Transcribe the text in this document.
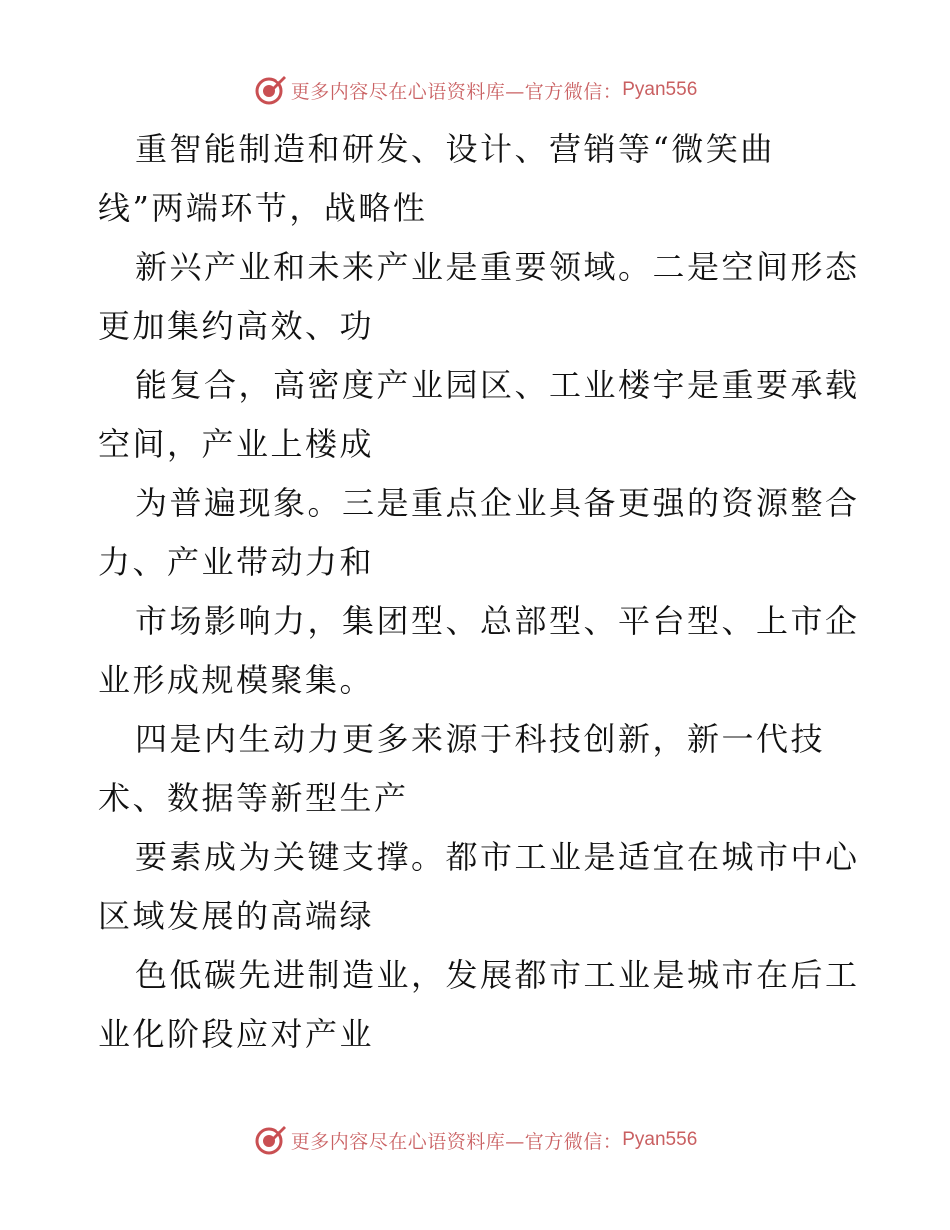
更多内容尽在心语资料库—官方微信： Pyan556
重智能制造和研发、设计、营销等“微笑曲
线”两端环节，战略性
新兴产业和未来产业是重要领域。二是空间形态
更加集约高效、功
能复合，高密度产业园区、工业楼宇是重要承载
空间，产业上楼成
为普遍现象。三是重点企业具备更强的资源整合
力、产业带动力和
市场影响力，集团型、总部型、平台型、上市企
业形成规模聚集。
四是内生动力更多来源于科技创新，新一代技
术、数据等新型生产
要素成为关键支撑。都市工业是适宜在城市中心
区域发展的高端绿
色低碳先进制造业，发展都市工业是城市在后工
业化阶段应对产业
更多内容尽在心语资料库—官方微信： Pyan556
